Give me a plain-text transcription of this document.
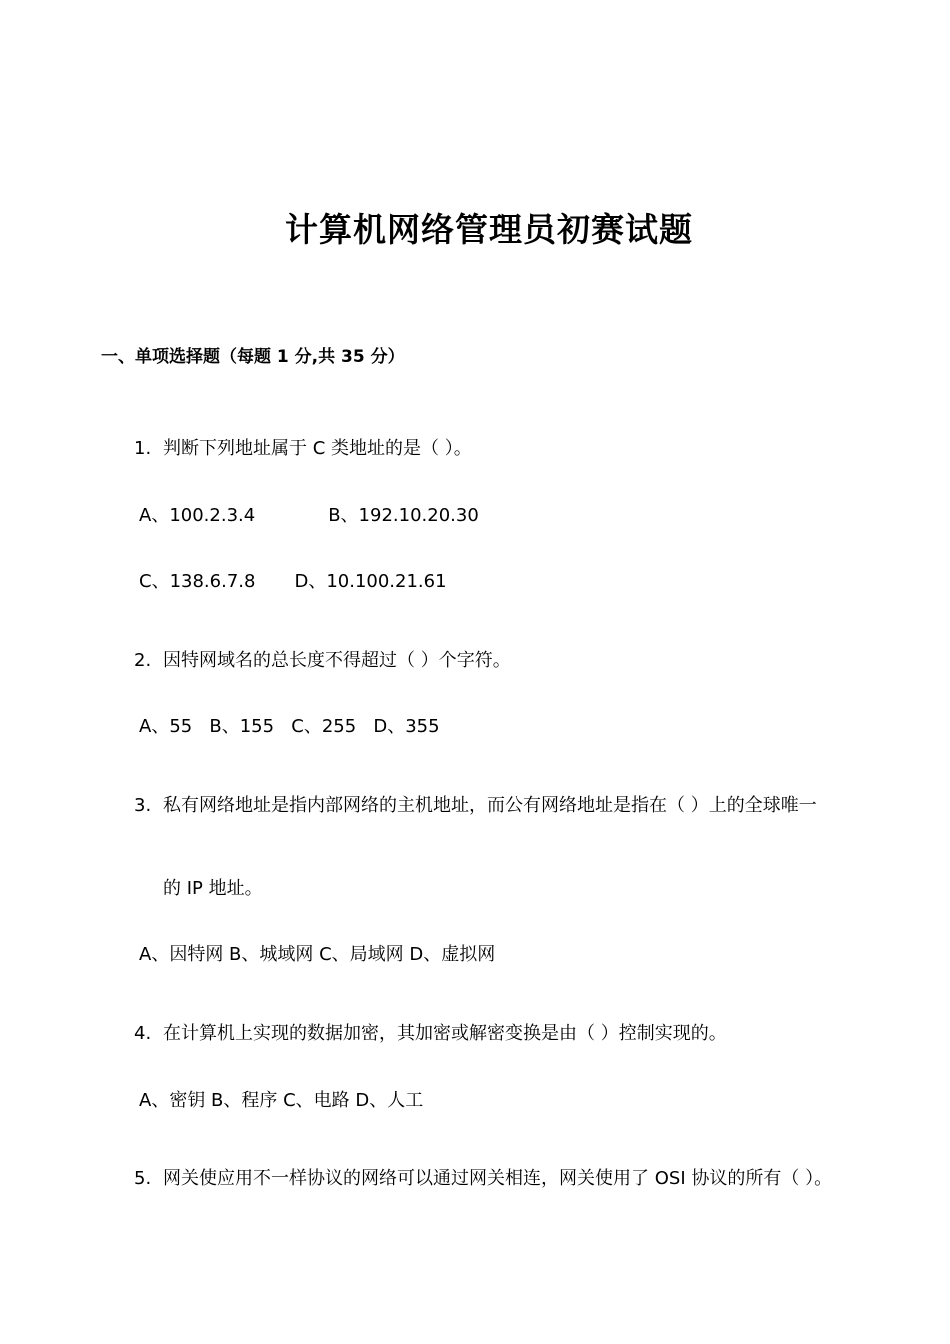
计算机网络管理员初赛试题
一、单项选择题（每题 1 分,共 35 分）
1. 判断下列地址属于 C 类地址的是（ ）。
A、100.2.3.4	B、192.10.20.30
C、138.6.7.8 D、10.100.21.61
2. 因特网域名的总长度不得超过（ ）个字符。
A、55   B、155   C、255   D、355
3. 私有网络地址是指内部网络的主机地址，而公有网络地址是指在（ ）上的全球唯一
的 IP 地址。
A、因特网 B、城域网 C、局域网 D、虚拟网
4. 在计算机上实现的数据加密，其加密或解密变换是由（ ）控制实现的。
A、密钥 B、程序 C、电路 D、人工
5. 网关使应用不一样协议的网络可以通过网关相连，网关使用了 OSI 协议的所有（ ）。
